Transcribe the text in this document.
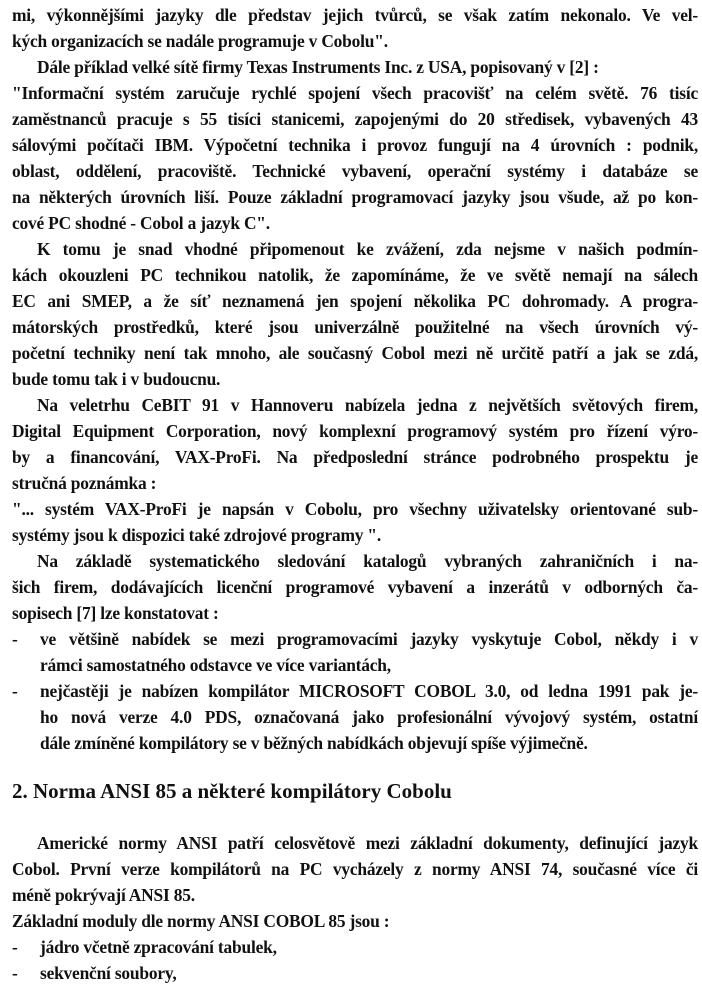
mi, výkonnějšími jazyky dle představ jejich tvůrců, se však zatím nekonalo. Ve vel-
kých organizacích se nadále programuje v Cobolu".
Dále příklad velké sítě firmy Texas Instruments Inc. z USA, popisovaný v [2] :
"Informační systém zaručuje rychlé spojení všech pracovišť na celém světě. 76 tisíc
zaměstnanců pracuje s 55 tisíci stanicemi, zapojenými do 20 středisek, vybavených 43
sálovými počítači IBM. Výpočetní technika i provoz fungují na 4 úrovních : podnik,
oblast, oddělení, pracoviště. Technické vybavení, operační systémy i databáze se
na některých úrovních liší. Pouze základní programovací jazyky jsou všude, až po kon-
cové PC shodné - Cobol a jazyk C".
K tomu je snad vhodné připomenout ke zvážení, zda nejsme v našich podmín-
kách okouzleni PC technikou natolik, že zapomínáme, že ve světě nemají na sálech
EC ani SMEP, a že síť neznamená jen spojení několika PC dohromady. A progra-
mátorských prostředků, které jsou univerzálně použitelné na všech úrovních vý-
početní techniky není tak mnoho, ale současný Cobol mezi ně určitě patří a jak se zdá,
bude tomu tak i v budoucnu.
Na veletrhu CeBIT 91 v Hannoveru nabízela jedna z největších světových firem,
Digital Equipment Corporation, nový komplexní programový systém pro řízení výro-
by a financování, VAX-ProFi. Na předposlední stránce podrobného prospektu je
stručná poznámka :
"... systém VAX-ProFi je napsán v Cobolu, pro všechny uživatelsky orientované sub-
systémy jsou k dispozici také zdrojové programy ".
Na základě systematického sledování katalogů vybraných zahraničních i na-
šich firem, dodávajících licenční programové vybavení a inzerátů v odborných ča-
sopisech [7] lze konstatovat :
- ve většině nabídek se mezi programovacími jazyky vyskytuje Cobol, někdy i v
rámci samostatného odstavce ve více variantách,
- nejčastěji je nabízen kompilátor MICROSOFT COBOL 3.0, od ledna 1991 pak je-
ho nová verze 4.0 PDS, označovaná jako profesionální vývojový systém, ostatní
dále zmíněné kompilátory se v běžných nabídkách objevují spíše výjimečně.
2. Norma ANSI 85 a některé kompilátory Cobolu
Americké normy ANSI patří celosvětově mezi základní dokumenty, definující jazyk
Cobol. První verze kompilátorů na PC vycházely z normy ANSI 74, současné více či
méně pokrývají ANSI 85.
Základní moduly dle normy ANSI COBOL 85 jsou :
- jádro včetně zpracování tabulek,
- sekvenční soubory,
